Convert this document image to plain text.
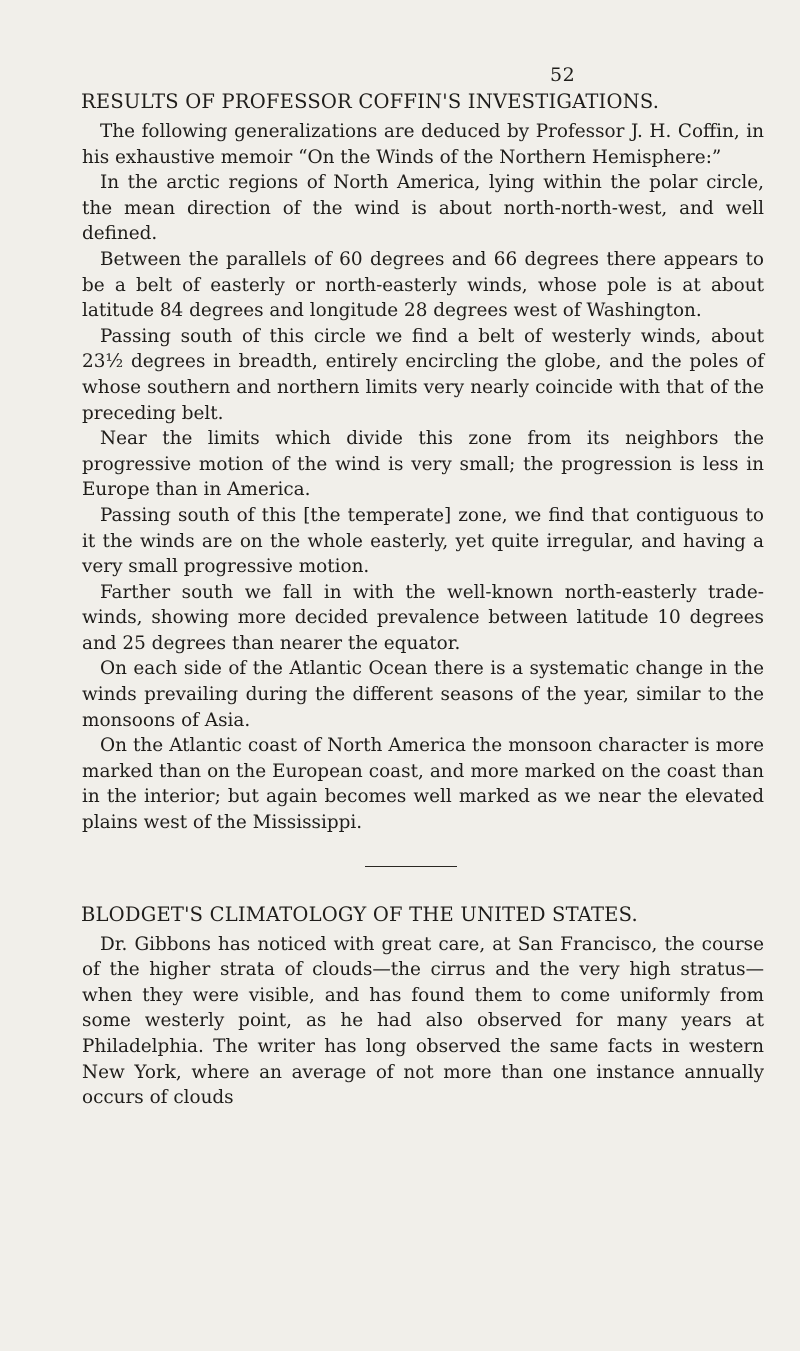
52
RESULTS OF PROFESSOR COFFIN'S INVESTIGATIONS.

The following generalizations are deduced by Professor J. H. Coffin, in his exhaustive memoir “On the Winds of the Northern Hemisphere:”

In the arctic regions of North America, lying within the polar circle, the mean direction of the wind is about north-north-west, and well defined.

Between the parallels of 60 degrees and 66 degrees there appears to be a belt of easterly or north-easterly winds, whose pole is at about latitude 84 degrees and longitude 28 degrees west of Washington.

Passing south of this circle we find a belt of westerly winds, about 23½ degrees in breadth, entirely encircling the globe, and the poles of whose southern and northern limits very nearly coincide with that of the preceding belt.

Near the limits which divide this zone from its neighbors the progressive motion of the wind is very small; the progression is less in Europe than in America.

Passing south of this [the temperate] zone, we find that contiguous to it the winds are on the whole easterly, yet quite irregular, and having a very small progressive motion.

Farther south we fall in with the well-known north-easterly trade-winds, showing more decided prevalence between latitude 10 degrees and 25 degrees than nearer the equator.

On each side of the Atlantic Ocean there is a systematic change in the winds prevailing during the different seasons of the year, similar to the monsoons of Asia.

On the Atlantic coast of North America the monsoon character is more marked than on the European coast, and more marked on the coast than in the interior; but again becomes well marked as we near the elevated plains west of the Mississippi.

BLODGET'S CLIMATOLOGY OF THE UNITED STATES.

Dr. Gibbons has noticed with great care, at San Francisco, the course of the higher strata of clouds—the cirrus and the very high stratus—when they were visible, and has found them to come uniformly from some westerly point, as he had also observed for many years at Philadelphia. The writer has long observed the same facts in western New York, where an average of not more than one instance annually occurs of clouds
